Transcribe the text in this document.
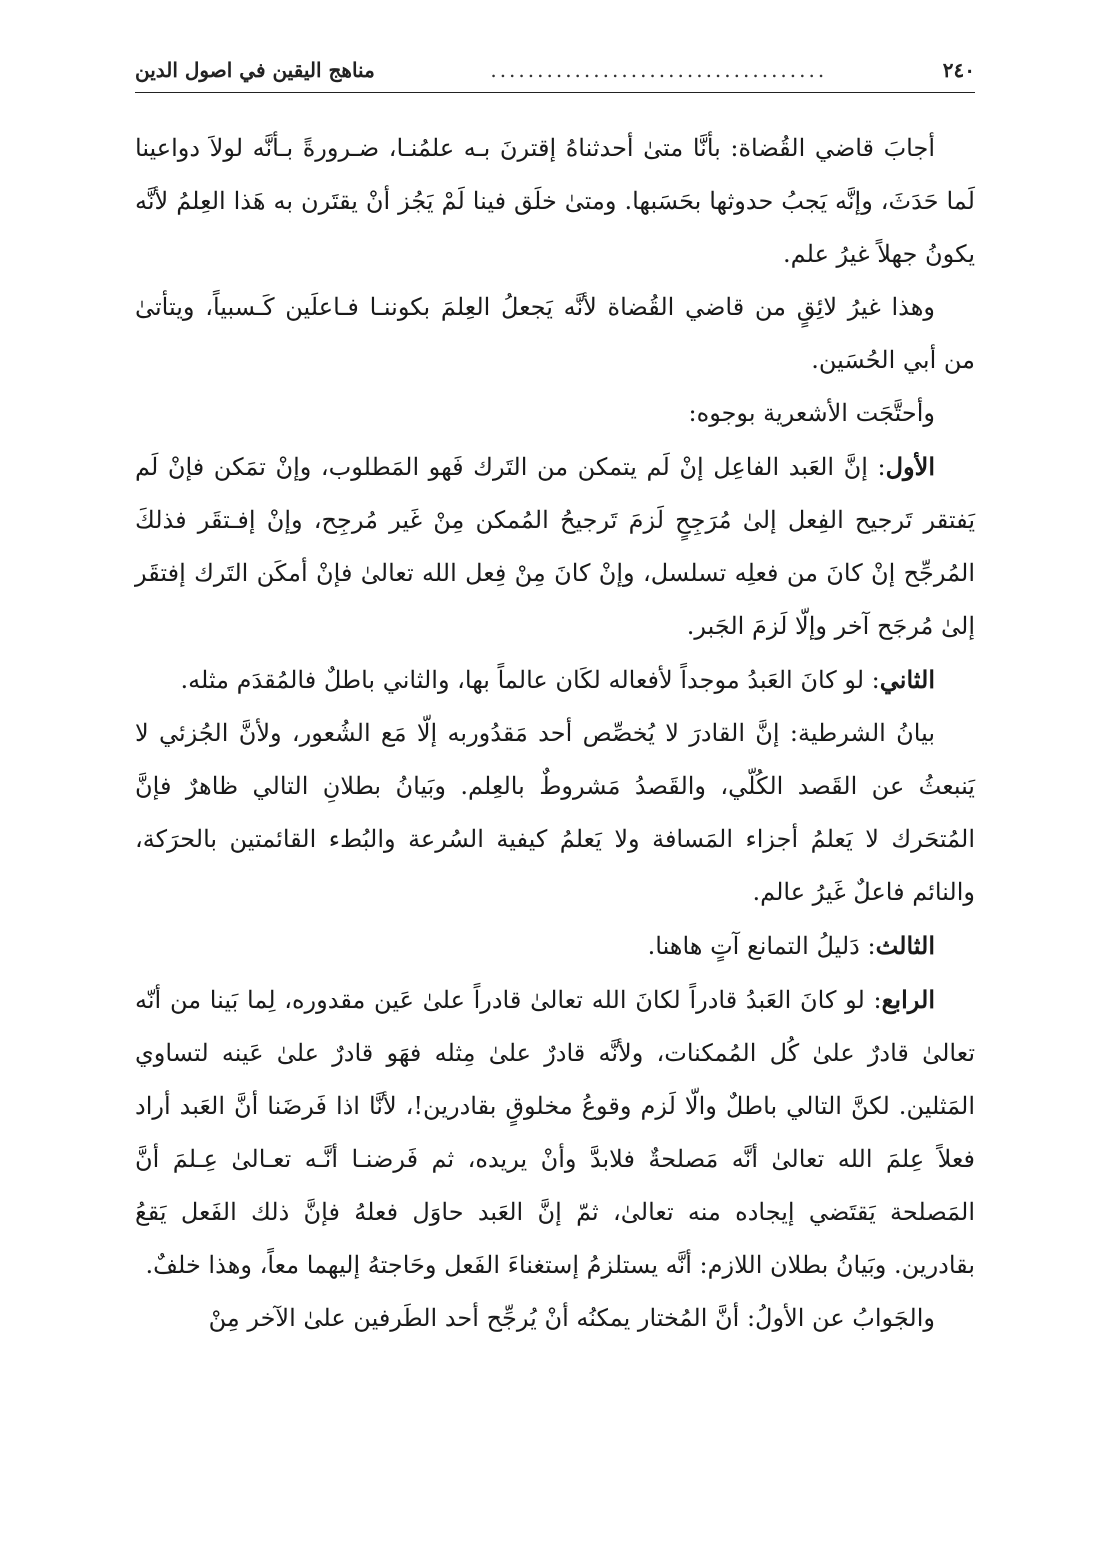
٢٤٠
....................................
مناهج اليقين في اصول الدين

أجابَ قاضي القُضاة: بأنَّا متىٰ أحدثناهُ إقترنَ بـه علمُنـا، ضـرورةً بـأنَّه لولاَ دواعينا لَما حَدَثَ، وإنَّه يَجبُ حدوثها بحَسَبها. ومتىٰ خلَق فينا لَمْ يَجُز أنْ يقتَرن به هَذا العِلمُ لأنَّه يكونُ جهلاً غيرُ علم.

وهذا غيرُ لائِقٍ من قاضي القُضاة لأنَّه يَجعلُ العِلمَ بكوننـا فـاعلَين كَـسبياً، ويتأتىٰ من أبي الحُسَين.

وأحتَّجَت الأشعرية بوجوه:

الأول: إنَّ العَبد الفاعِل إنْ لَم يتمكن من التَرك فَهو المَطلوب، وإنْ تمَكن فإنْ لَم يَفتقر تَرجيح الفِعل إلىٰ مُرَجِحٍ لَزمَ تَرجيحُ المُمكن مِنْ غَير مُرجِح، وإنْ إفـتقَر فذلكَ المُرجِّح إنْ كانَ من فعلِه تسلسل، وإنْ كانَ مِنْ فِعل الله تعالىٰ فإنْ أمكَن التَرك إفتقَر إلىٰ مُرجَح آخر وإلّا لَزمَ الجَبر.

الثاني: لو كانَ العَبدُ موجداً لأفعاله لكَان عالماً بها، والثاني باطلٌ فالمُقدَم مثله.

بيانُ الشرطية: إنَّ القادرَ لا يُخصِّص أحد مَقدُوربه إلّا مَع الشُعور، ولأنَّ الجُزئي لا يَنبعثُ عن القَصد الكُلّي، والقَصدُ مَشروطٌ بالعِلم. وبَيانُ بطلانِ التالي ظاهرٌ فإنَّ المُتحَرك لا يَعلمُ أجزاء المَسافة ولا يَعلمُ كيفية السُرعة والبُطء القائمتين بالحرَكة، والنائم فاعلٌ غَيرُ عالم.

الثالث: دَليلُ التمانع آتٍ هاهنا.

الرابع: لو كانَ العَبدُ قادراً لكانَ الله تعالىٰ قادراً علىٰ عَين مقدوره، لِما بَينا من أنّه تعالىٰ قادرٌ علىٰ كُل المُمكنات، ولأنَّه قادرٌ علىٰ مِثله فهَو قادرٌ علىٰ عَينه لتساوي المَثلين. لكنَّ التالي باطلٌ والّا لَزم وقوعُ مخلوقٍ بقادرين!، لأنَّا اذا فَرضَنا أنَّ العَبد أراد فعلاً عِلمَ الله تعالىٰ أنَّه مَصلحةٌ فلابدَّ وأنْ يريده، ثم فَرضنـا أنَّـه تعـالىٰ عِـلمَ أنَّ المَصلحة يَقتَضي إيجاده منه تعالىٰ، ثمّ إنَّ العَبد حاوَل فعلهُ فإنَّ ذلك الفَعل يَقعُ بقادرين. وبَيانُ بطلان اللازم: أنَّه يستلزمُ إستغناءَ الفَعل وحَاجتهُ إليهما معاً، وهذا خلفٌ.

والجَوابُ عن الأولُ: أنَّ المُختار يمكنُه أنْ يُرجِّح أحد الطَرفين علىٰ الآخر مِنْ
